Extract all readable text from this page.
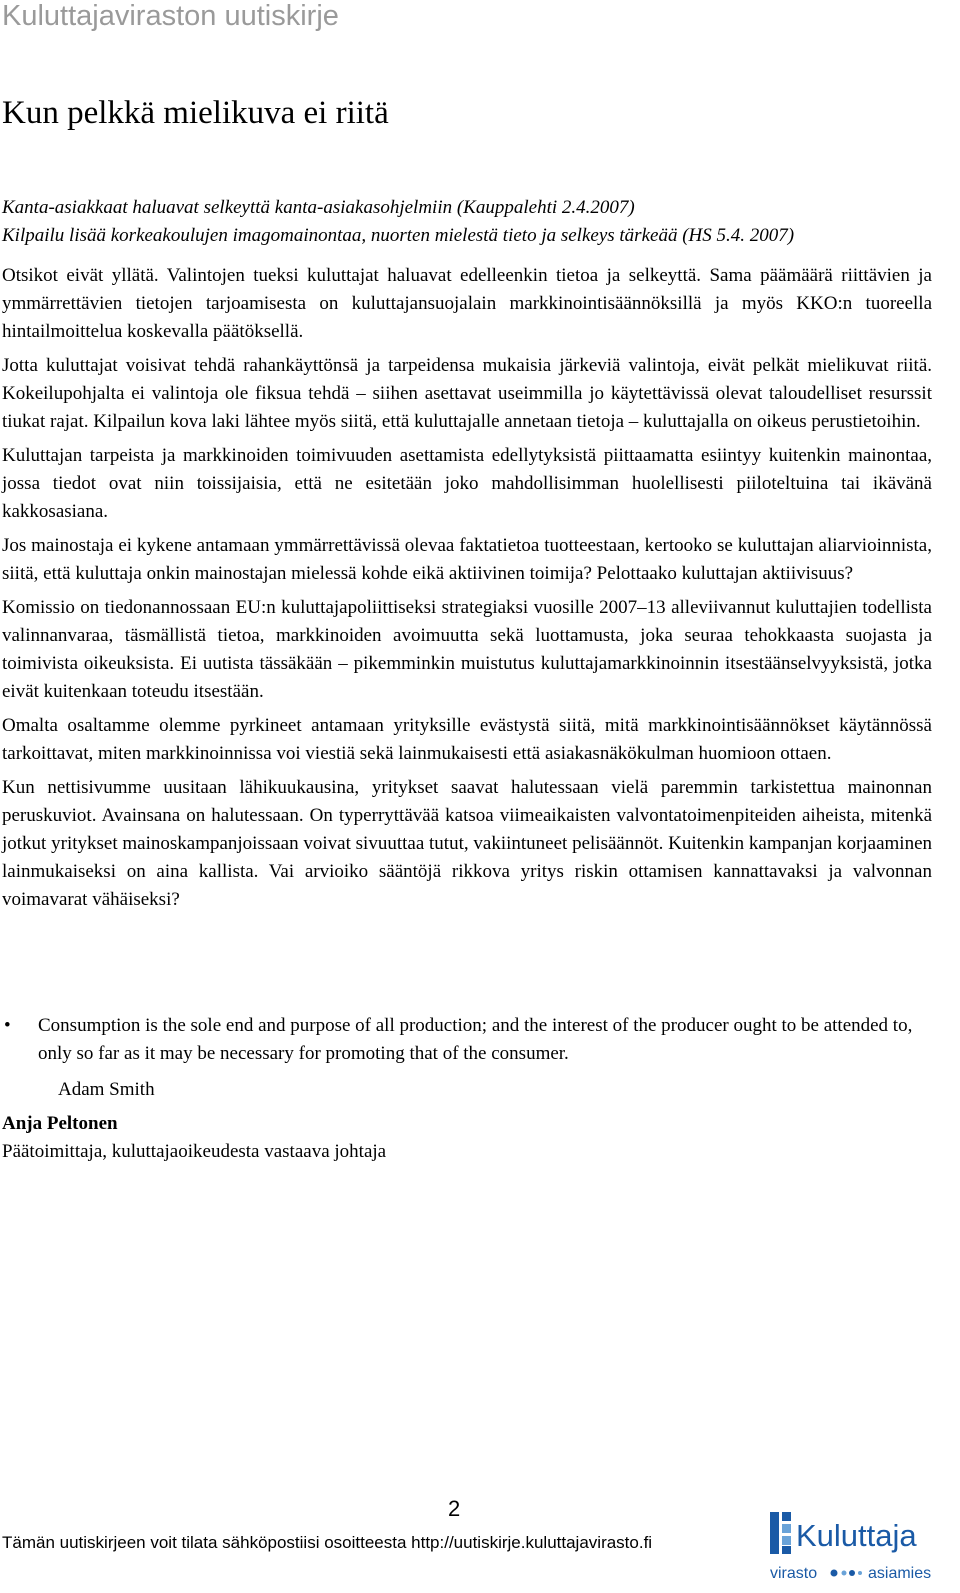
Kuluttajaviraston uutiskirje
Kun pelkkä mielikuva ei riitä
Kanta-asiakkaat haluavat selkeyttä kanta-asiakasohjelmiin (Kauppalehti 2.4.2007)
Kilpailu lisää korkeakoulujen imagomainontaa, nuorten mielestä tieto ja selkeys tärkeää (HS 5.4. 2007)

Otsikot eivät yllätä. Valintojen tueksi kuluttajat haluavat edelleenkin tietoa ja selkeyttä. Sama päämäärä riittävien ja ymmärrettävien tietojen tarjoamisesta on kuluttajansuojalain markkinointisäännöksillä ja myös KKO:n tuoreella hintailmoittelua koskevalla päätöksellä.

Jotta kuluttajat voisivat tehdä rahankäyttönsä ja tarpeidensa mukaisia järkeviä valintoja, eivät pelkät mielikuvat riitä. Kokeilupohjalta ei valintoja ole fiksua tehdä – siihen asettavat useimmilla jo käytettävissä olevat taloudelliset resurssit tiukat rajat. Kilpailun kova laki lähtee myös siitä, että kuluttajalle annetaan tietoja – kuluttajalla on oikeus perustietoihin.

Kuluttajan tarpeista ja markkinoiden toimivuuden asettamista edellytyksistä piittaamatta esiintyy kuitenkin mainontaa, jossa tiedot ovat niin toissijaisia, että ne esitetään joko mahdollisimman huolellisesti piiloteltuina tai ikävänä kakkosasiana.

Jos mainostaja ei kykene antamaan ymmärrettävissä olevaa faktatietoa tuotteestaan, kertooko se kuluttajan aliarvioinnista, siitä, että kuluttaja onkin mainostajan mielessä kohde eikä aktiivinen toimija? Pelottaako kuluttajan aktiivisuus?

Komissio on tiedonannossaan EU:n kuluttajapoliittiseksi strategiaksi vuosille 2007–13 alleviivannut kuluttajien todellista valinnanvaraa, täsmällistä tietoa, markkinoiden avoimuutta sekä luottamusta, joka seuraa tehokkaasta suojasta ja toimivista oikeuksista. Ei uutista tässäkään – pikemminkin muistutus kuluttajamarkkinoinnin itsestäänselvyyksistä, jotka eivät kuitenkaan toteudu itsestään.

Omalta osaltamme olemme pyrkineet antamaan yrityksille evästystä siitä, mitä markkinointisäännökset käytännössä tarkoittavat, miten markkinoinnissa voi viestiä sekä lainmukaisesti että asiakasnäkökulman huomioon ottaen.

Kun nettisivumme uusitaan lähikuukausina, yritykset saavat halutessaan vielä paremmin tarkistettua mainonnan peruskuviot. Avainsana on halutessaan. On typerryttävää katsoa viimeaikaisten valvontatoimenpiteiden aiheista, mitenkä jotkut yritykset mainoskampanjoissaan voivat sivuuttaa tutut, vakiintuneet pelisäännöt. Kuitenkin kampanjan korjaaminen lainmukaiseksi on aina kallista. Vai arvioiko sääntöjä rikkova yritys riskin ottamisen kannattavaksi ja valvonnan voimavarat vähäiseksi?

• Consumption is the sole end and purpose of all production; and the interest of the producer ought to be attended to, only so far as it may be necessary for promoting that of the consumer.
Adam Smith
Anja Peltonen
Päätoimittaja, kuluttajaoikeudesta vastaava johtaja
2
Tämän uutiskirjeen voit tilata sähköpostiisi osoitteesta http://uutiskirje.kuluttajavirasto.fi	Kuluttaja
virasto	asiamies
